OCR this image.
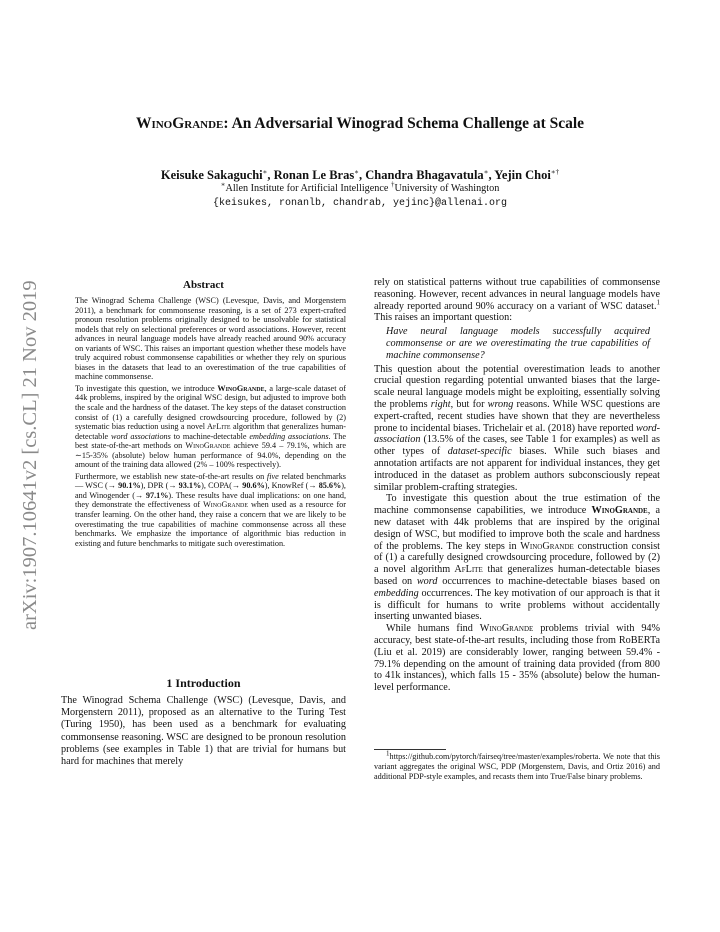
arXiv:1907.10641v2 [cs.CL] 21 Nov 2019
WinoGrande: An Adversarial Winograd Schema Challenge at Scale
Keisuke Sakaguchi∗, Ronan Le Bras∗, Chandra Bhagavatula∗, Yejin Choi∗†
∗Allen Institute for Artificial Intelligence †University of Washington
{keisukes, ronanlb, chandrab, yejinc}@allenai.org
Abstract

The Winograd Schema Challenge (WSC) (Levesque, Davis, and Morgenstern 2011), a benchmark for commonsense reasoning, is a set of 273 expert-crafted pronoun resolution problems originally designed to be unsolvable for statistical models that rely on selectional preferences or word associations. However, recent advances in neural language models have already reached around 90% accuracy on variants of WSC. This raises an important question whether these models have truly acquired robust commonsense capabilities or whether they rely on spurious biases in the datasets that lead to an overestimation of the true capabilities of machine commonsense.

To investigate this question, we introduce WinoGrande, a large-scale dataset of 44k problems, inspired by the original WSC design, but adjusted to improve both the scale and the hardness of the dataset. The key steps of the dataset construction consist of (1) a carefully designed crowdsourcing procedure, followed by (2) systematic bias reduction using a novel AfLite algorithm that generalizes human-detectable word associations to machine-detectable embedding associations. The best state-of-the-art methods on WinoGrande achieve 59.4 – 79.1%, which are ∼15-35% (absolute) below human performance of 94.0%, depending on the amount of the training data allowed (2% – 100% respectively).

Furthermore, we establish new state-of-the-art results on five related benchmarks — WSC (→ 90.1%), DPR (→ 93.1%), COPA(→ 90.6%), KnowRef (→ 85.6%), and Winogender (→ 97.1%). These results have dual implications: on one hand, they demonstrate the effectiveness of WinoGrande when used as a resource for transfer learning. On the other hand, they raise a concern that we are likely to be overestimating the true capabilities of machine commonsense across all these benchmarks. We emphasize the importance of algorithmic bias reduction in existing and future benchmarks to mitigate such overestimation.

1 Introduction

The Winograd Schema Challenge (WSC) (Levesque, Davis, and Morgenstern 2011), proposed as an alternative to the Turing Test (Turing 1950), has been used as a benchmark for evaluating commonsense reasoning. WSC are designed to be pronoun resolution problems (see examples in Table 1) that are trivial for humans but hard for machines that merely

rely on statistical patterns without true capabilities of commonsense reasoning. However, recent advances in neural language models have already reported around 90% accuracy on a variant of WSC dataset.$^1$ This raises an important question:

Have neural language models successfully acquired commonsense or are we overestimating the true capabilities of machine commonsense?

This question about the potential overestimation leads to another crucial question regarding potential unwanted biases that the large-scale neural language models might be exploiting, essentially solving the problems right, but for wrong reasons. While WSC questions are expert-crafted, recent studies have shown that they are nevertheless prone to incidental biases. Trichelair et al. (2018) have reported word-association (13.5% of the cases, see Table 1 for examples) as well as other types of dataset-specific biases. While such biases and annotation artifacts are not apparent for individual instances, they get introduced in the dataset as problem authors subconsciously repeat similar problem-crafting strategies.

To investigate this question about the true estimation of the machine commonsense capabilities, we introduce WinoGrande, a new dataset with 44k problems that are inspired by the original design of WSC, but modified to improve both the scale and hardness of the problems. The key steps in WinoGrande construction consist of (1) a carefully designed crowdsourcing procedure, followed by (2) a novel algorithm AfLite that generalizes human-detectable biases based on word occurrences to machine-detectable biases based on embedding occurrences. The key motivation of our approach is that it is difficult for humans to write problems without accidentally inserting unwanted biases.

While humans find WinoGrande problems trivial with 94% accuracy, best state-of-the-art results, including those from RoBERTa (Liu et al. 2019) are considerably lower, ranging between 59.4% - 79.1% depending on the amount of training data provided (from 800 to 41k instances), which falls 15 - 35% (absolute) below the human-level performance.

1https://github.com/pytorch/fairseq/tree/master/examples/roberta. We note that this variant aggregates the original WSC, PDP (Morgenstern, Davis, and Ortiz 2016) and additional PDP-style examples, and recasts them into True/False binary problems.
